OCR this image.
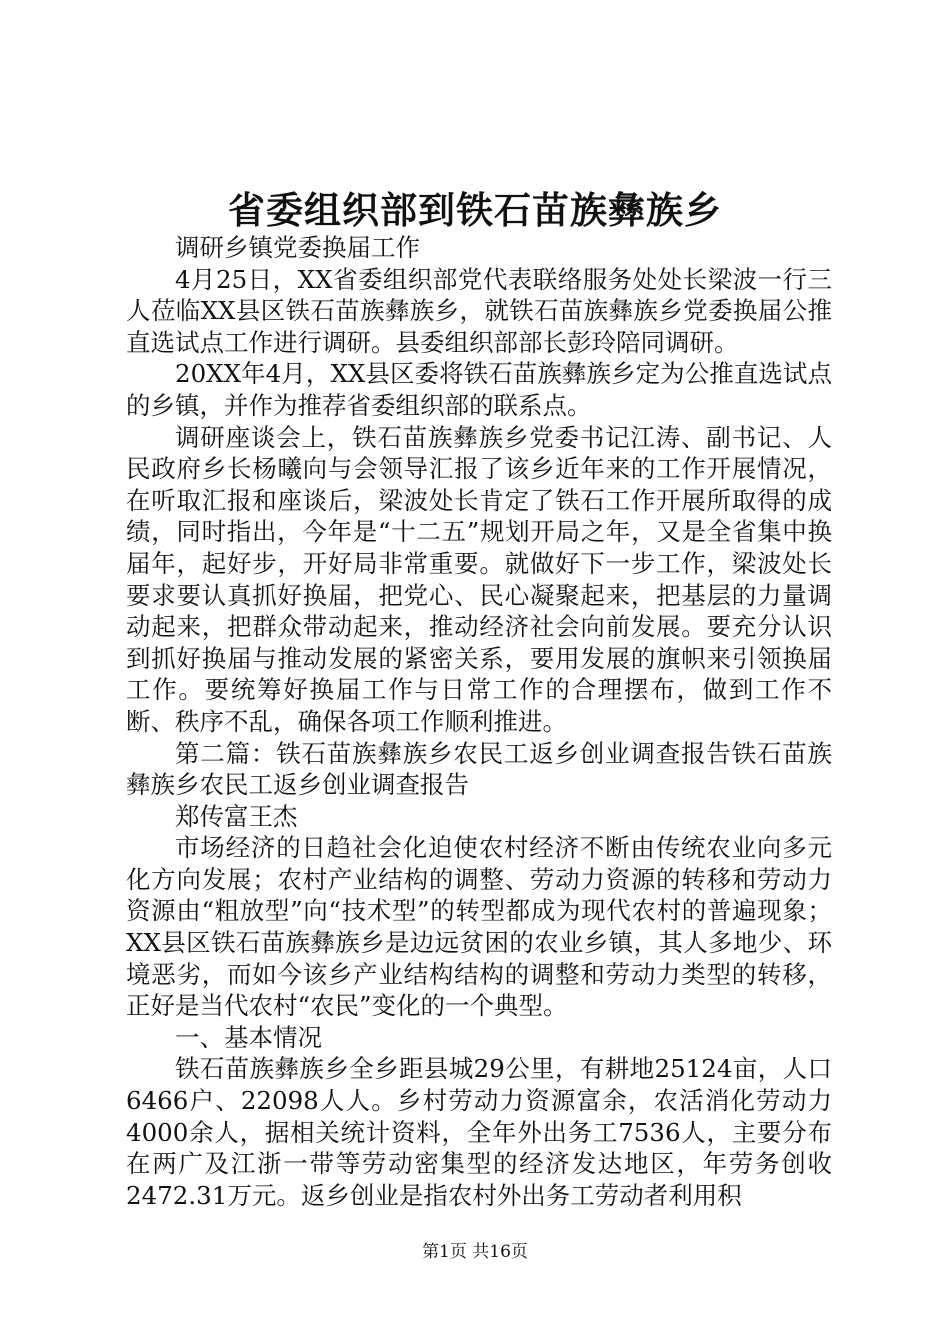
省委组织部到铁石苗族彝族乡

调研乡镇党委换届工作

4月25日，XX省委组织部党代表联络服务处处长梁波一行三人莅临XX县区铁石苗族彝族乡，就铁石苗族彝族乡党委换届公推直选试点工作进行调研。县委组织部部长彭玲陪同调研。

20XX年4月，XX县区委将铁石苗族彝族乡定为公推直选试点的乡镇，并作为推荐省委组织部的联系点。

调研座谈会上，铁石苗族彝族乡党委书记江涛、副书记、人民政府乡长杨曦向与会领导汇报了该乡近年来的工作开展情况，在听取汇报和座谈后，梁波处长肯定了铁石工作开展所取得的成绩，同时指出，今年是“十二五”规划开局之年，又是全省集中换届年，起好步，开好局非常重要。就做好下一步工作，梁波处长要求要认真抓好换届，把党心、民心凝聚起来，把基层的力量调动起来，把群众带动起来，推动经济社会向前发展。要充分认识到抓好换届与推动发展的紧密关系，要用发展的旗帜来引领换届工作。要统筹好换届工作与日常工作的合理摆布，做到工作不断、秩序不乱，确保各项工作顺利推进。

第二篇：铁石苗族彝族乡农民工返乡创业调查报告铁石苗族彝族乡农民工返乡创业调查报告

郑传富王杰

市场经济的日趋社会化迫使农村经济不断由传统农业向多元化方向发展；农村产业结构的调整、劳动力资源的转移和劳动力资源由“粗放型”向“技术型”的转型都成为现代农村的普遍现象；XX县区铁石苗族彝族乡是边远贫困的农业乡镇，其人多地少、环境恶劣，而如今该乡产业结构结构的调整和劳动力类型的转移，正好是当代农村“农民”变化的一个典型。

一、基本情况

铁石苗族彝族乡全乡距县城29公里，有耕地25124亩，人口6466户、22098人人。乡村劳动力资源富余，农活消化劳动力4000余人，据相关统计资料，全年外出务工7536人，主要分布在两广及江浙一带等劳动密集型的经济发达地区，年劳务创收2472.31万元。返乡创业是指农村外出务工劳动者利用积

第1页 共16页
